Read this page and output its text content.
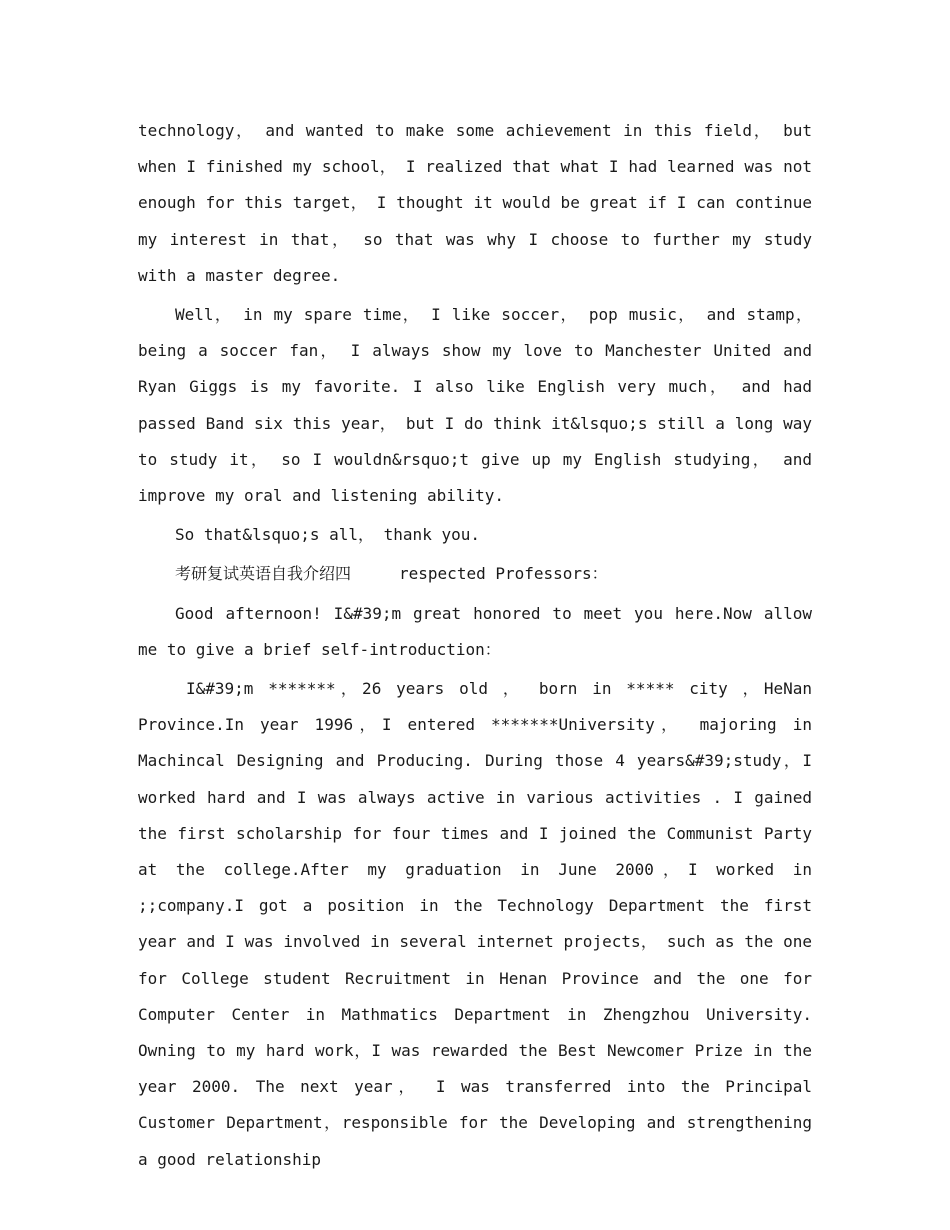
technology， and wanted to make some achievement in this field， but when I finished my school， I realized that what I had learned was not enough for this target， I thought it would be great if I can continue my interest in that， so that was why I choose to further my study with a master degree.

Well， in my spare time， I like soccer， pop music， and stamp， being a soccer fan， I always show my love to Manchester United and Ryan Giggs is my favorite. I also like English very much， and had passed Band six this year， but I do think it&lsquo;s still a long way to study it， so I wouldn&rsquo;t give up my English studying， and improve my oral and listening ability.

So that&lsquo;s all， thank you.

考研复试英语自我介绍四	respected Professors：

Good afternoon! I&#39;m great honored to meet you here.Now allow me to give a brief self-introduction：

I&#39;m *******，26 years old ， born in ***** city ，HeNan Province.In year 1996，I entered *******University， majoring in Machincal Designing and Producing. During those 4 years&#39;study，I worked hard and I was always active in various activities . I gained the first scholarship for four times and I joined the Communist Party at the college.After my graduation in June 2000，I worked in ;;company.I got a position in the Technology Department the first year and I was involved in several internet projects， such as the one for College student Recruitment in Henan Province and the one for Computer Center in Mathmatics Department in Zhengzhou University. Owning to my hard work，I was rewarded the Best Newcomer Prize in the year 2000. The next year， I was transferred into the Principal Customer Department，responsible for the Developing and strengthening a good relationship
